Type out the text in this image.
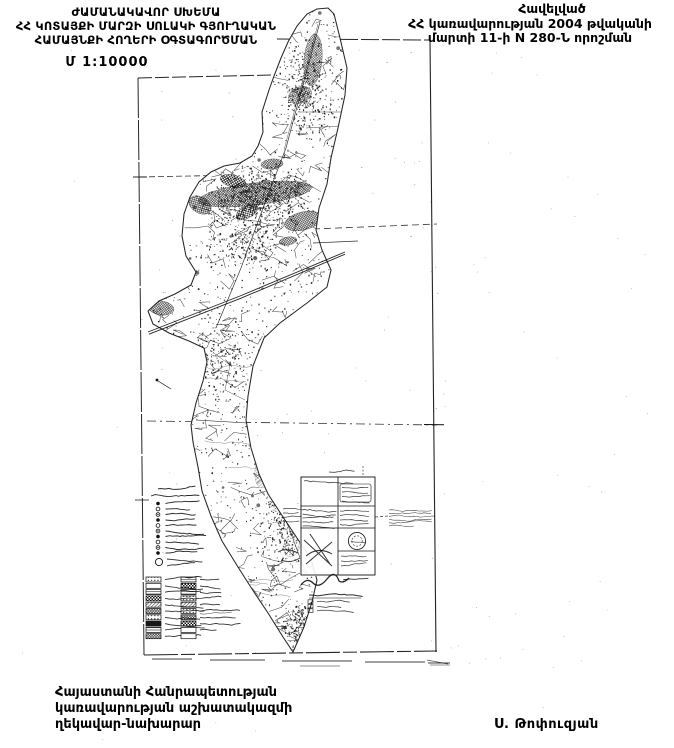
ԺԱՄԱՆԱԿԱՎՈՐ ՍԽԵՄԱ
ՀՀ ԿՈՏԱՅՔԻ ՄԱՐԶԻ ՍՈԼԱԿԻ ԳՅՈՒՂԱԿԱՆ
ՀԱՄԱՅՆՔԻ ՀՈՂԵՐԻ ՕԳՏԱԳՈՐԾՄԱՆ
Մ 1:10000
Հավելված
ՀՀ կառավարության 2004 թվականի
մարտի 11-ի N 280-Ն որոշման
Հայաստանի Հանրապետության
կառավարության աշխատակազմի
ղեկավար-նախարար	Ս. Թոփուզյան
